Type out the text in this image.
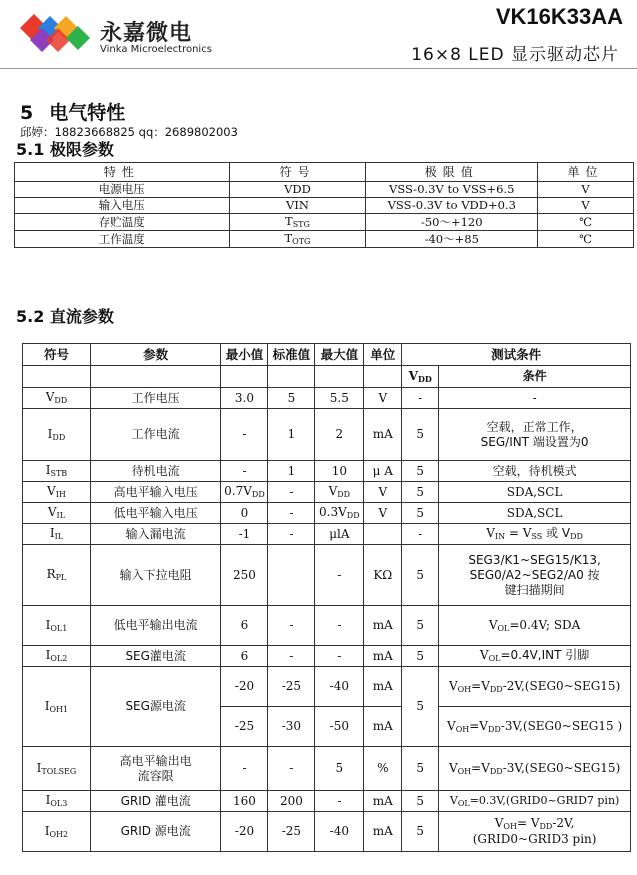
永嘉微电
Vinka Microelectronics
VK16K33AA
16×8 LED 显示驱动芯片
5 电气特性
邱婷：18823668825 qq：2689802003
5.1 极限参数
特性	符号	极限值	单位
电源电压	VDD	VSS-0.3V to VSS+6.5	V
输入电压	VIN	VSS-0.3V to VDD+0.3	V
存贮温度	$T_{STG}$	-50～+120	℃
工作温度	$T_{OTG}$	-40～+85	℃
5.2 直流参数
符号	参数	最小值	标准值	最大值	单位	测试条件	
						$V_{DD}$	条件
$V_{DD}$	工作电压	3.0	5	5.5	V	-	-
$I_{DD}$	工作电流	-	1	2	mA	5	空载，正常工作，
SEG/INT 端设置为0

$I_{STB}$	待机电流	-	1	10	μ A	5	空载，待机模式
$V_{IH}$	高电平输入电压	$0.7V_{DD}$	-	$V_{DD}$	V	5	SDA,SCL
$V_{IL}$	低电平输入电压	0	-	$0.3V_{DD}$	V	5	SDA,SCL
$I_{IL}$	输入漏电流	-1	-	μlA		-	$V_{IN} = V_{SS}$ 或 $V_{DD}$
$R_{PL}$	输入下拉电阻	250		-	KΩ	5	SEG3/K1~SEG15/K13,
SEG0/A2~SEG2/A0 按
键扫描期间

$I_{OL1}$	低电平输出电流	6	-	-	mA	5	$V_{OL}=0.4V$; SDA
$I_{OL2}$	SEG灌电流	6	-	-	mA	5	$V_{OL}=0.4V,INT$ 引脚
$I_{OH1}$	SEG源电流	-20	-25	-40	mA	5	$V_{OH}=V_{DD}-2V,(SEG0\sim SEG15)$
		-25	-30	-50	mA		$V_{OH}=V_{DD}-3V,(SEG0\sim SEG15$ )
$I_{TOLSEG}$	高电平输出电
流容限	-	-	5	%	5	$V_{OH}=V_{DD}-3V,(SEG0\sim SEG15)$
$I_{OL3}$	GRID 灌电流	160	200	-	mA	5	$V_{OL}=0.3V,(GRID0\sim GRID7$ pin)
$I_{OH2}$	GRID 源电流	-20	-25	-40	mA	5	$V_{OH}= V_{DD}-2V$,
(GRID0~GRID3 pin)
